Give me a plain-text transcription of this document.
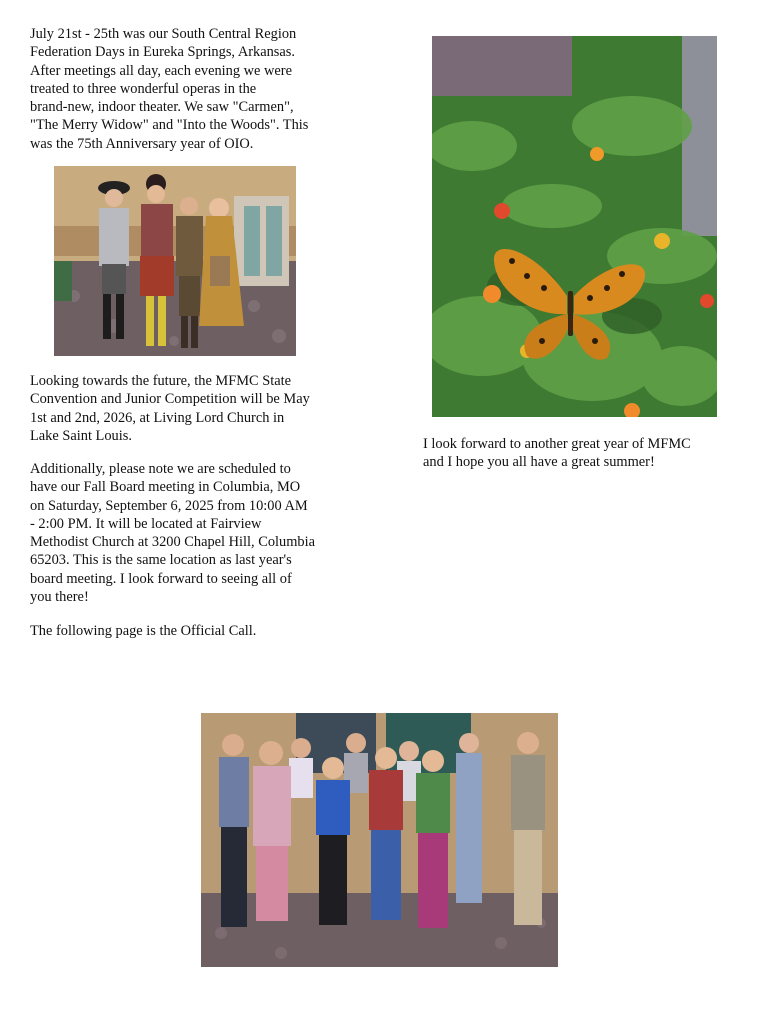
July 21st - 25th was our South Central Region
Federation Days in Eureka Springs, Arkansas.
After meetings all day, each evening we were
treated to three wonderful operas in the
brand-new, indoor theater. We saw "Carmen",
"The Merry Widow" and "Into the Woods". This
was the 75th Anniversary year of OIO.

Looking towards the future, the MFMC State
Convention and Junior Competition will be May
1st and 2nd, 2026, at Living Lord Church in
Lake Saint Louis.

Additionally, please note we are scheduled to
have our Fall Board meeting in Columbia, MO
on Saturday, September 6, 2025 from 10:00 AM
- 2:00 PM. It will be located at Fairview
Methodist Church at 3200 Chapel Hill, Columbia
65203. This is the same location as last year's
board meeting. I look forward to seeing all of
you there!

The following page is the Official Call.

I look forward to another great year of MFMC
and I hope you all have a great summer!
